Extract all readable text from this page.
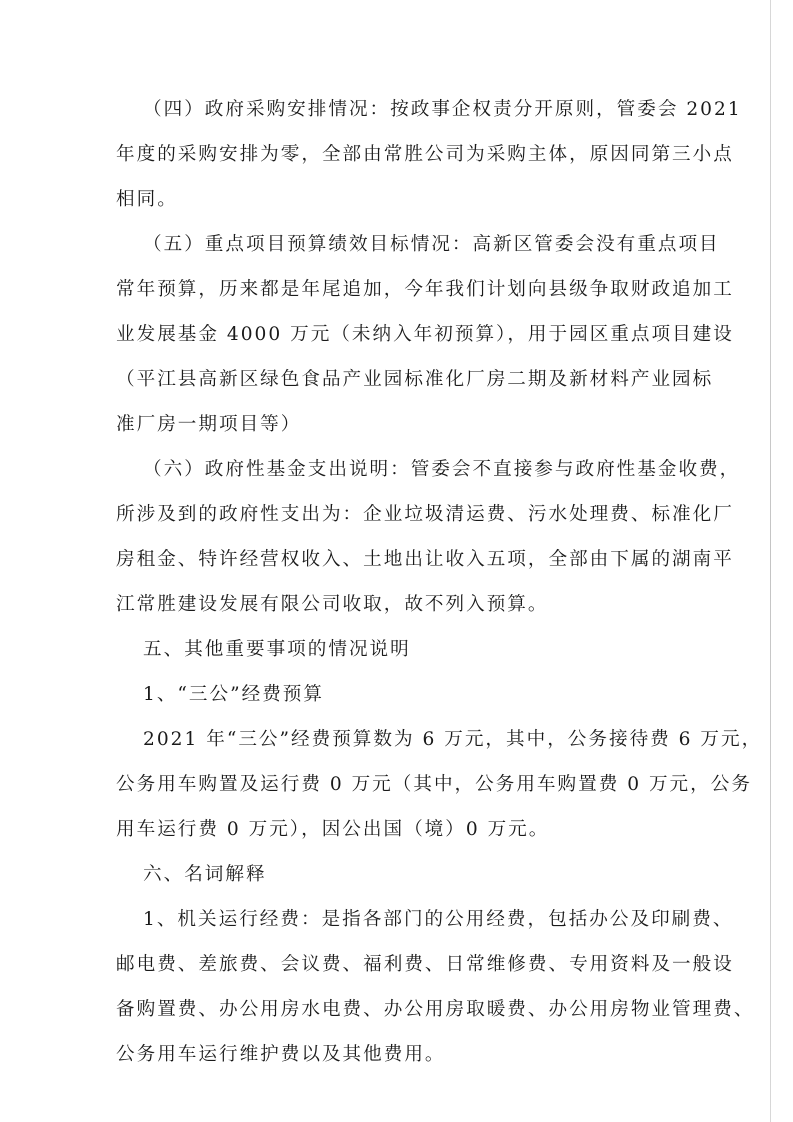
（四）政府采购安排情况：按政事企权责分开原则，管委会 2021
年度的采购安排为零，全部由常胜公司为采购主体，原因同第三小点
相同。
（五）重点项目预算绩效目标情况：高新区管委会没有重点项目
常年预算，历来都是年尾追加，今年我们计划向县级争取财政追加工
业发展基金 4000 万元（未纳入年初预算），用于园区重点项目建设
（平江县高新区绿色食品产业园标准化厂房二期及新材料产业园标
准厂房一期项目等）
（六）政府性基金支出说明：管委会不直接参与政府性基金收费，
所涉及到的政府性支出为：企业垃圾清运费、污水处理费、标准化厂
房租金、特许经营权收入、土地出让收入五项，全部由下属的湖南平
江常胜建设发展有限公司收取，故不列入预算。
五、其他重要事项的情况说明
1、“三公”经费预算
2021 年“三公”经费预算数为 6 万元，其中，公务接待费 6 万元，
公务用车购置及运行费 0 万元（其中，公务用车购置费 0 万元，公务
用车运行费 0 万元），因公出国（境）0 万元。
六、名词解释
1、机关运行经费：是指各部门的公用经费，包括办公及印刷费、
邮电费、差旅费、会议费、福利费、日常维修费、专用资料及一般设
备购置费、办公用房水电费、办公用房取暖费、办公用房物业管理费、
公务用车运行维护费以及其他费用。
